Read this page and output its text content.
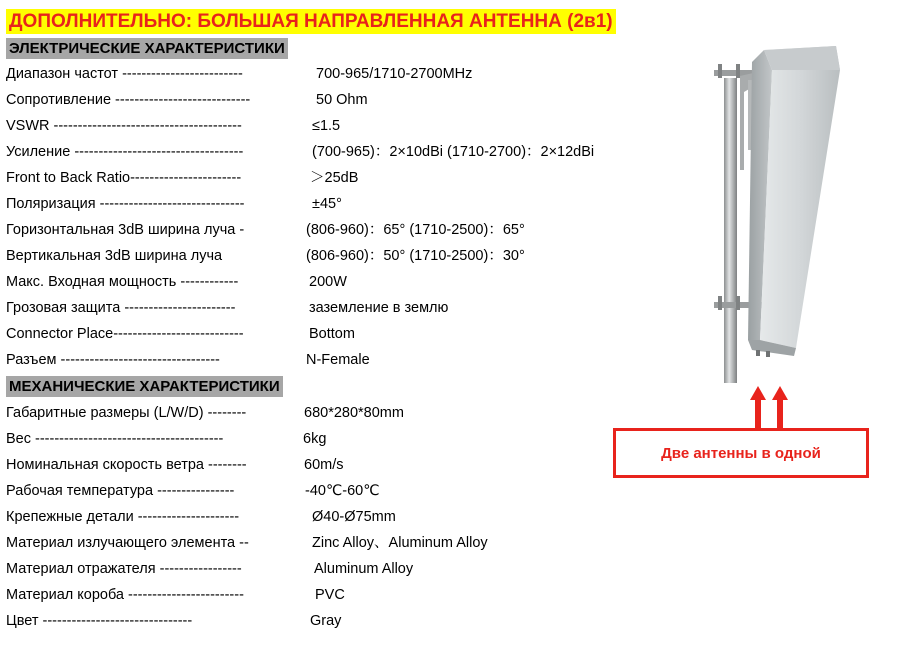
ДОПОЛНИТЕЛЬНО: БОЛЬШАЯ НАПРАВЛЕННАЯ АНТЕННА (2в1)
ЭЛЕКТРИЧЕСКИЕ ХАРАКТЕРИСТИКИ
Диапазон частот -------------------------	700-965/1710-2700MHz
Сопротивление ----------------------------	50 Ohm
VSWR ---------------------------------------	≤1.5
Усиление -----------------------------------	(700-965)：2×10dBi (1710-2700)：2×12dBi
Front to Back Ratio-----------------------	＞25dB
Поляризация ------------------------------	±45°
Горизонтальная 3dB ширина луча -	(806-960)：65° (1710-2500)：65°
Вертикальная 3dB ширина луча	(806-960)：50° (1710-2500)：30°
Макс. Входная мощность ------------	200W
Грозовая защита -----------------------	заземление в землю
Connector Place---------------------------	Bottom
Разъем ---------------------------------	N-Female
МЕХАНИЧЕСКИЕ ХАРАКТЕРИСТИКИ
Габаритные размеры (L/W/D) --------	680*280*80mm
Вес ---------------------------------------	6kg
Номинальная скорость ветра --------	60m/s
Рабочая температура ----------------	-40℃-60℃
Крепежные детали ---------------------	Ø40-Ø75mm
Материал излучающего элемента --	Zinc Alloy、Aluminum Alloy
Материал отражателя -----------------	Aluminum Alloy
Материал короба ------------------------	PVC
Цвет -------------------------------	Gray
Две антенны в одной
